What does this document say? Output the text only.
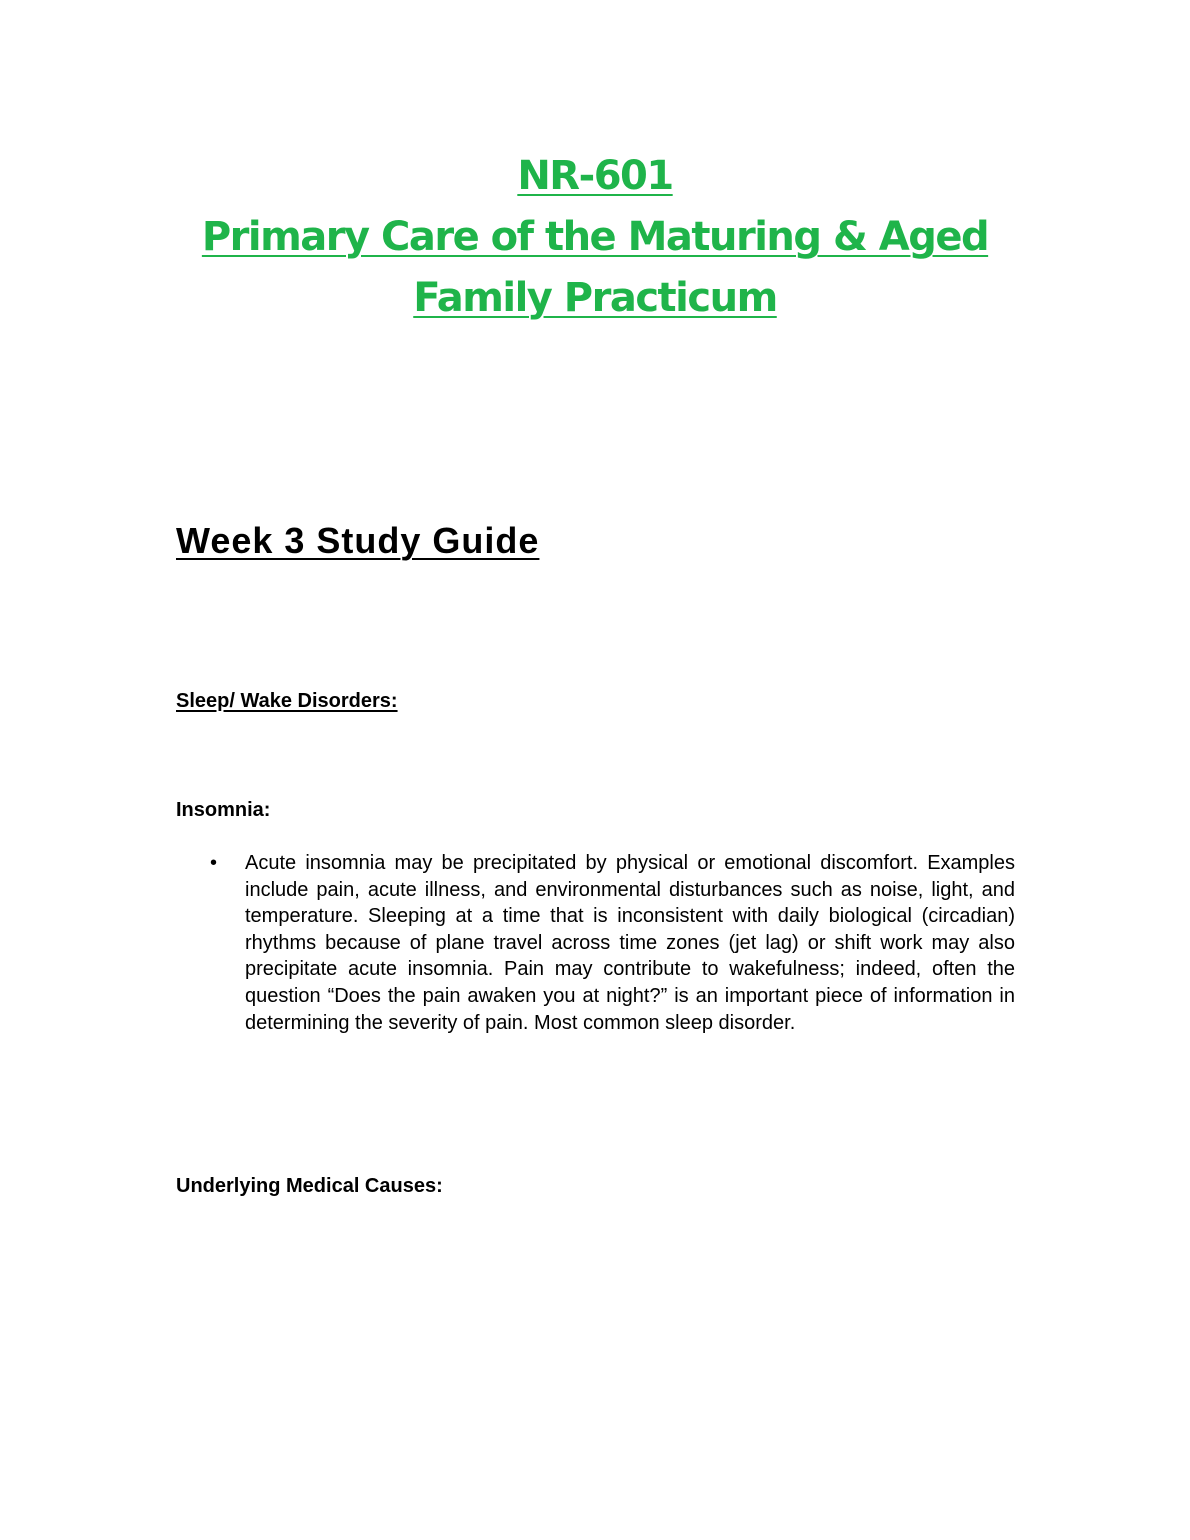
NR-601
Primary Care of the Maturing & Aged
Family Practicum
Week 3 Study Guide
Sleep/ Wake Disorders:
Insomnia:
• Acute insomnia may be precipitated by physical or emotional discomfort. Examples include pain, acute illness, and environmental disturbances such as noise, light, and temperature. Sleeping at a time that is inconsistent with daily biological (circadian) rhythms because of plane travel across time zones (jet lag) or shift work may also precipitate acute insomnia. Pain may contribute to wakefulness; indeed, often the question “Does the pain awaken you at night?” is an important piece of information in determining the severity of pain. Most common sleep disorder.
Underlying Medical Causes:
